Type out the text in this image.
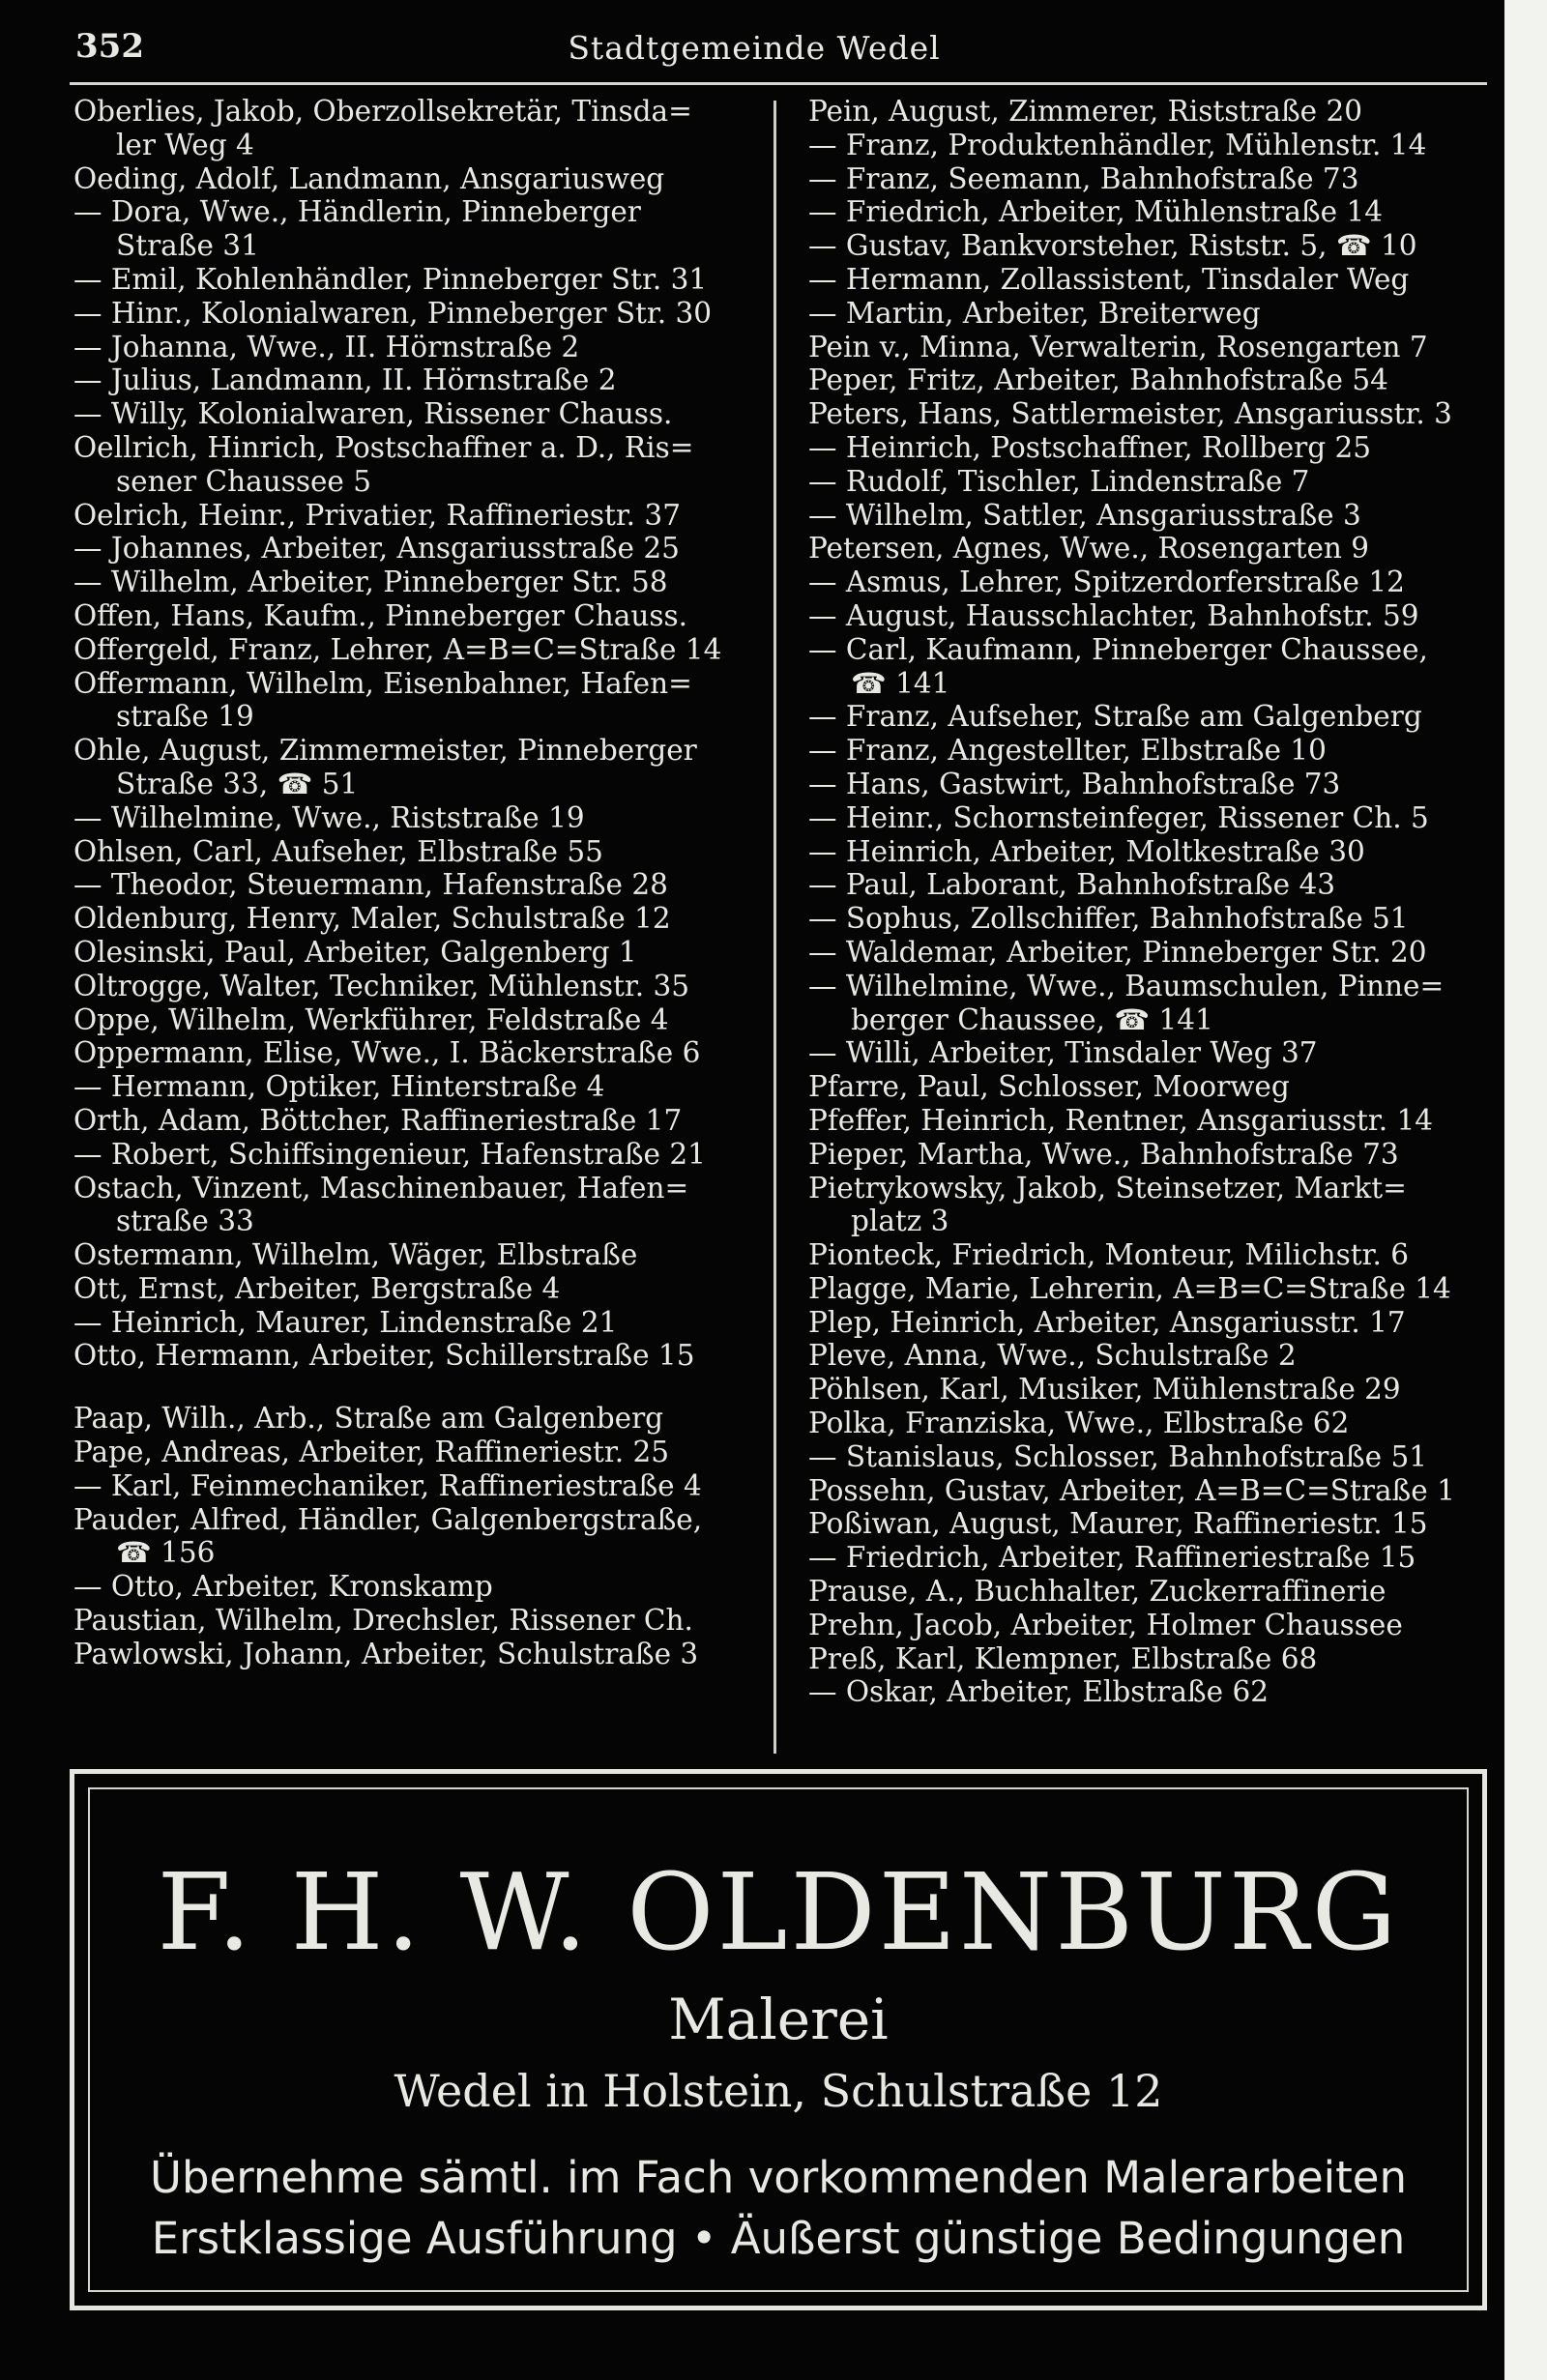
352	Stadtgemeinde Wedel
Oberlies, Jakob, Oberzollsekretär, Tinsda=
ler Weg 4
Oeding, Adolf, Landmann, Ansgariusweg
— Dora, Wwe., Händlerin, Pinneberger
Straße 31
— Emil, Kohlenhändler, Pinneberger Str. 31
— Hinr., Kolonialwaren, Pinneberger Str. 30
— Johanna, Wwe., II. Hörnstraße 2
— Julius, Landmann, II. Hörnstraße 2
— Willy, Kolonialwaren, Rissener Chauss.
Oellrich, Hinrich, Postschaffner a. D., Ris=
sener Chaussee 5
Oelrich, Heinr., Privatier, Raffineriestr. 37
— Johannes, Arbeiter, Ansgariusstraße 25
— Wilhelm, Arbeiter, Pinneberger Str. 58
Offen, Hans, Kaufm., Pinneberger Chauss.
Offergeld, Franz, Lehrer, A=B=C=Straße 14
Offermann, Wilhelm, Eisenbahner, Hafen=
straße 19
Ohle, August, Zimmermeister, Pinneberger
Straße 33, ☎ 51
— Wilhelmine, Wwe., Riststraße 19
Ohlsen, Carl, Aufseher, Elbstraße 55
— Theodor, Steuermann, Hafenstraße 28
Oldenburg, Henry, Maler, Schulstraße 12
Olesinski, Paul, Arbeiter, Galgenberg 1
Oltrogge, Walter, Techniker, Mühlenstr. 35
Oppe, Wilhelm, Werkführer, Feldstraße 4
Oppermann, Elise, Wwe., I. Bäckerstraße 6
— Hermann, Optiker, Hinterstraße 4
Orth, Adam, Böttcher, Raffineriestraße 17
— Robert, Schiffsingenieur, Hafenstraße 21
Ostach, Vinzent, Maschinenbauer, Hafen=
straße 33
Ostermann, Wilhelm, Wäger, Elbstraße
Ott, Ernst, Arbeiter, Bergstraße 4
— Heinrich, Maurer, Lindenstraße 21
Otto, Hermann, Arbeiter, Schillerstraße 15
Paap, Wilh., Arb., Straße am Galgenberg
Pape, Andreas, Arbeiter, Raffineriestr. 25
— Karl, Feinmechaniker, Raffineriestraße 4
Pauder, Alfred, Händler, Galgenbergstraße,
☎ 156
— Otto, Arbeiter, Kronskamp
Paustian, Wilhelm, Drechsler, Rissener Ch.
Pawlowski, Johann, Arbeiter, Schulstraße 3
Pein, August, Zimmerer, Riststraße 20
— Franz, Produktenhändler, Mühlenstr. 14
— Franz, Seemann, Bahnhofstraße 73
— Friedrich, Arbeiter, Mühlenstraße 14
— Gustav, Bankvorsteher, Riststr. 5, ☎ 10
— Hermann, Zollassistent, Tinsdaler Weg
— Martin, Arbeiter, Breiterweg
Pein v., Minna, Verwalterin, Rosengarten 7
Peper, Fritz, Arbeiter, Bahnhofstraße 54
Peters, Hans, Sattlermeister, Ansgariusstr. 3
— Heinrich, Postschaffner, Rollberg 25
— Rudolf, Tischler, Lindenstraße 7
— Wilhelm, Sattler, Ansgariusstraße 3
Petersen, Agnes, Wwe., Rosengarten 9
— Asmus, Lehrer, Spitzerdorferstraße 12
— August, Hausschlachter, Bahnhofstr. 59
— Carl, Kaufmann, Pinneberger Chaussee,
☎ 141
— Franz, Aufseher, Straße am Galgenberg
— Franz, Angestellter, Elbstraße 10
— Hans, Gastwirt, Bahnhofstraße 73
— Heinr., Schornsteinfeger, Rissener Ch. 5
— Heinrich, Arbeiter, Moltkestraße 30
— Paul, Laborant, Bahnhofstraße 43
— Sophus, Zollschiffer, Bahnhofstraße 51
— Waldemar, Arbeiter, Pinneberger Str. 20
— Wilhelmine, Wwe., Baumschulen, Pinne=
berger Chaussee, ☎ 141
— Willi, Arbeiter, Tinsdaler Weg 37
Pfarre, Paul, Schlosser, Moorweg
Pfeffer, Heinrich, Rentner, Ansgariusstr. 14
Pieper, Martha, Wwe., Bahnhofstraße 73
Pietrykowsky, Jakob, Steinsetzer, Markt=
platz 3
Pionteck, Friedrich, Monteur, Milichstr. 6
Plagge, Marie, Lehrerin, A=B=C=Straße 14
Plep, Heinrich, Arbeiter, Ansgariusstr. 17
Pleve, Anna, Wwe., Schulstraße 2
Pöhlsen, Karl, Musiker, Mühlenstraße 29
Polka, Franziska, Wwe., Elbstraße 62
— Stanislaus, Schlosser, Bahnhofstraße 51
Possehn, Gustav, Arbeiter, A=B=C=Straße 1
Poßiwan, August, Maurer, Raffineriestr. 15
— Friedrich, Arbeiter, Raffineriestraße 15
Prause, A., Buchhalter, Zuckerraffinerie
Prehn, Jacob, Arbeiter, Holmer Chaussee
Preß, Karl, Klempner, Elbstraße 68
— Oskar, Arbeiter, Elbstraße 62
F. H. W. OLDENBURG
Malerei
Wedel in Holstein, Schulstraße 12
Übernehme sämtl. im Fach vorkommenden Malerarbeiten
Erstklassige Ausführung • Äußerst günstige Bedingungen
